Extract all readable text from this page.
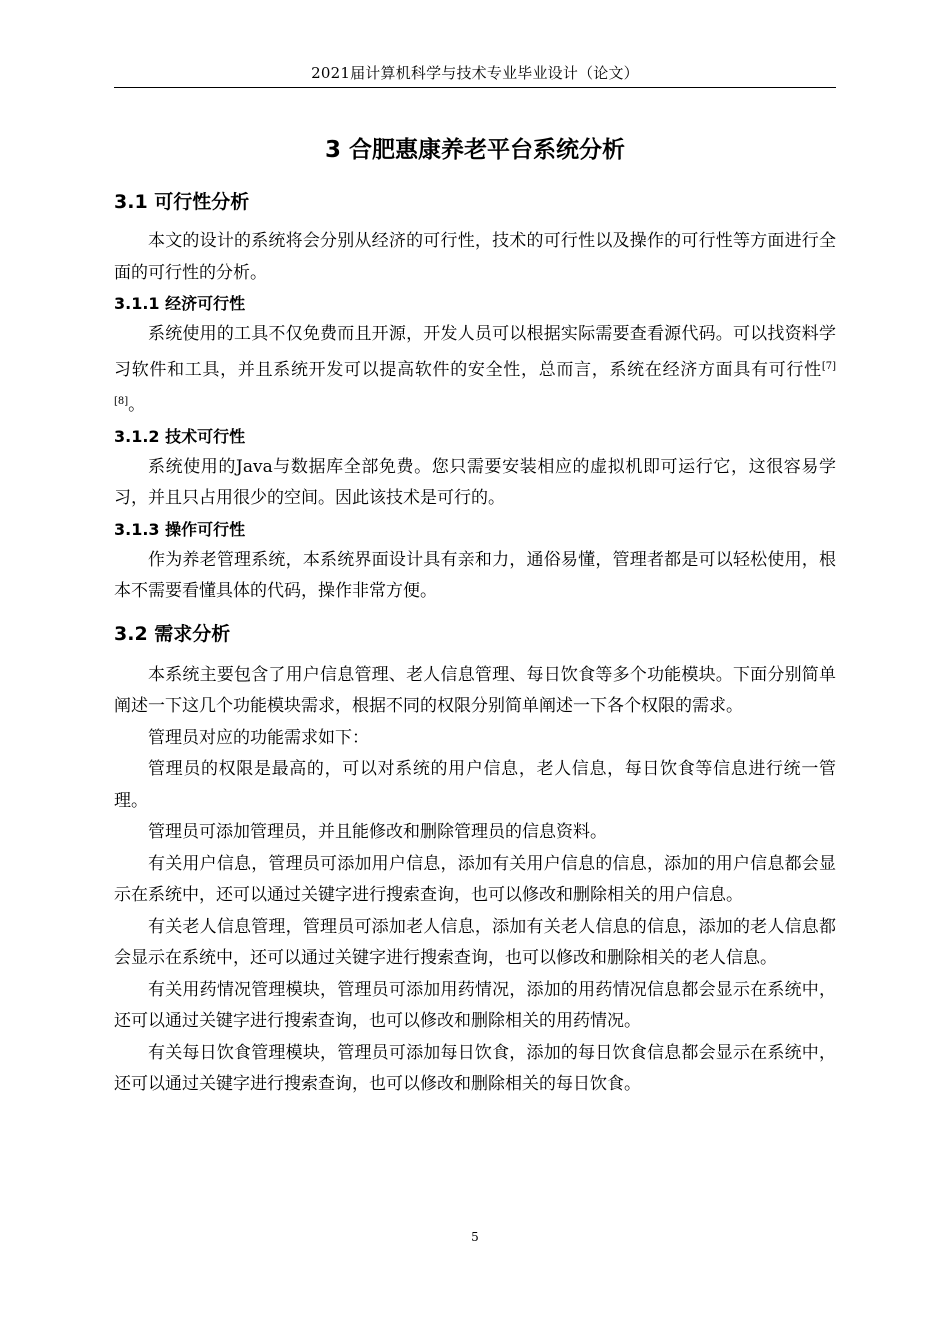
2021届计算机科学与技术专业毕业设计（论文）
3 合肥惠康养老平台系统分析
3.1 可行性分析

本文的设计的系统将会分别从经济的可行性，技术的可行性以及操作的可行性等方面进行全面的可行性的分析。

3.1.1 经济可行性

系统使用的工具不仅免费而且开源，开发人员可以根据实际需要查看源代码。可以找资料学习软件和工具，并且系统开发可以提高软件的安全性，总而言，系统在经济方面具有可行性[7][8]。

3.1.2 技术可行性

系统使用的Java与数据库全部免费。您只需要安装相应的虚拟机即可运行它，这很容易学习，并且只占用很少的空间。因此该技术是可行的。

3.1.3 操作可行性

作为养老管理系统，本系统界面设计具有亲和力，通俗易懂，管理者都是可以轻松使用，根本不需要看懂具体的代码，操作非常方便。

3.2 需求分析

本系统主要包含了用户信息管理、老人信息管理、每日饮食等多个功能模块。下面分别简单阐述一下这几个功能模块需求，根据不同的权限分别简单阐述一下各个权限的需求。

管理员对应的功能需求如下：

管理员的权限是最高的，可以对系统的用户信息，老人信息，每日饮食等信息进行统一管理。

管理员可添加管理员，并且能修改和删除管理员的信息资料。

有关用户信息，管理员可添加用户信息，添加有关用户信息的信息，添加的用户信息都会显示在系统中，还可以通过关键字进行搜索查询，也可以修改和删除相关的用户信息。

有关老人信息管理，管理员可添加老人信息，添加有关老人信息的信息，添加的老人信息都会显示在系统中，还可以通过关键字进行搜索查询，也可以修改和删除相关的老人信息。

有关用药情况管理模块，管理员可添加用药情况，添加的用药情况信息都会显示在系统中，还可以通过关键字进行搜索查询，也可以修改和删除相关的用药情况。

有关每日饮食管理模块，管理员可添加每日饮食，添加的每日饮食信息都会显示在系统中，还可以通过关键字进行搜索查询，也可以修改和删除相关的每日饮食。

5
